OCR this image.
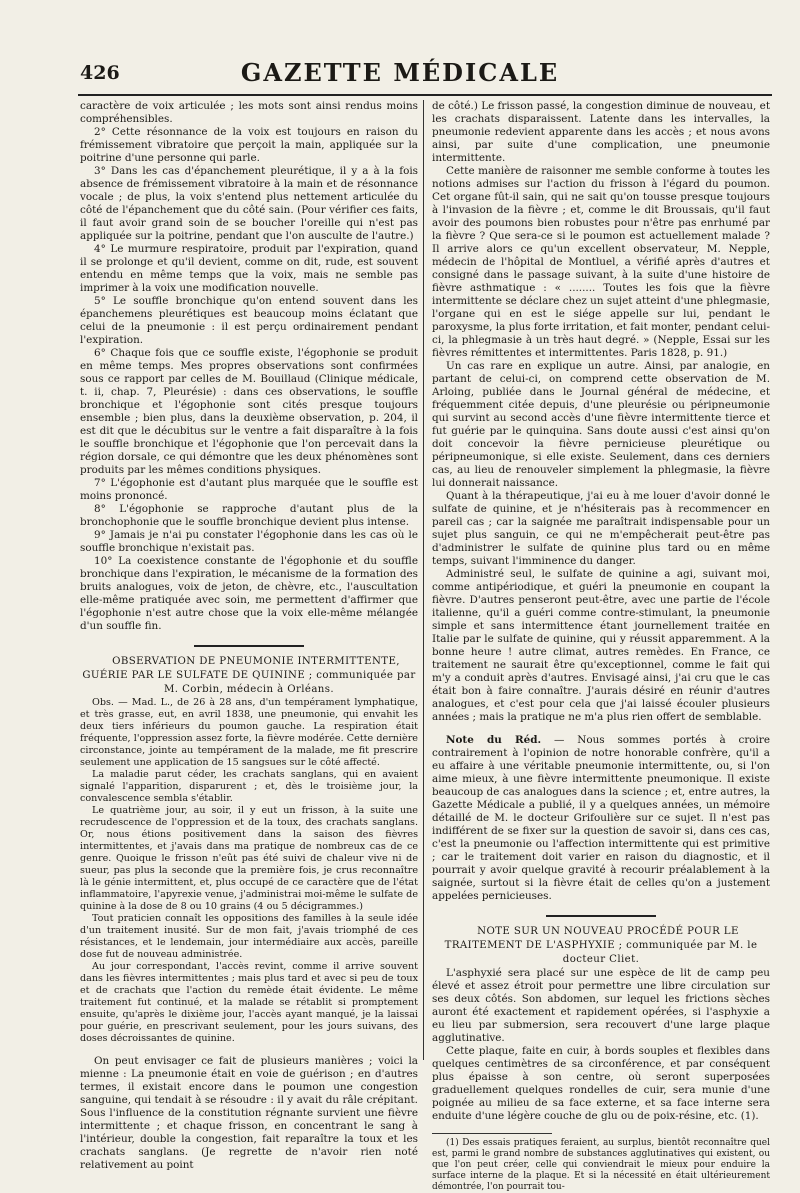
426	GAZETTE MÉDICALE

caractère de voix articulée ; les mots sont ainsi rendus moins compréhensibles.

2° Cette résonnance de la voix est toujours en raison du frémissement vibratoire que perçoit la main, appliquée sur la poitrine d'une personne qui parle.

3° Dans les cas d'épanchement pleurétique, il y a à la fois absence de frémissement vibratoire à la main et de résonnance vocale ; de plus, la voix s'entend plus nettement articulée du côté de l'épanchement que du côté sain. (Pour vérifier ces faits, il faut avoir grand soin de se boucher l'oreille qui n'est pas appliquée sur la poitrine, pendant que l'on ausculte de l'autre.)

4° Le murmure respiratoire, produit par l'expiration, quand il se prolonge et qu'il devient, comme on dit, rude, est souvent entendu en même temps que la voix, mais ne semble pas imprimer à la voix une modification nouvelle.

5° Le souffle bronchique qu'on entend souvent dans les épanchemens pleurétiques est beaucoup moins éclatant que celui de la pneumonie : il est perçu ordinairement pendant l'expiration.

6° Chaque fois que ce souffle existe, l'égophonie se produit en même temps. Mes propres observations sont confirmées sous ce rapport par celles de M. Bouillaud (Clinique médicale, t. ii, chap. 7, Pleurésie) : dans ces observations, le souffle bronchique et l'égophonie sont cités presque toujours ensemble ; bien plus, dans la deuxième observation, p. 204, il est dit que le décubitus sur le ventre a fait disparaître à la fois le souffle bronchique et l'égophonie que l'on percevait dans la région dorsale, ce qui démontre que les deux phénomènes sont produits par les mêmes conditions physiques.

7° L'égophonie est d'autant plus marquée que le souffle est moins prononcé.

8° L'égophonie se rapproche d'autant plus de la bronchophonie que le souffle bronchique devient plus intense.

9° Jamais je n'ai pu constater l'égophonie dans les cas où le souffle bronchique n'existait pas.

10° La coexistence constante de l'égophonie et du souffle bronchique dans l'expiration, le mécanisme de la formation des bruits analogues, voix de jeton, de chèvre, etc., l'auscultation elle-même pratiquée avec soin, me permettent d'affirmer que l'égophonie n'est autre chose que la voix elle-même mélangée d'un souffle fin.

OBSERVATION DE PNEUMONIE INTERMITTENTE, GUÉRIE PAR LE SULFATE DE QUININE ; communiquée par M. Corbin, médecin à Orléans.

Obs. — Mad. L., de 26 à 28 ans, d'un tempérament lymphatique, et très grasse, eut, en avril 1838, une pneumonie, qui envahit les deux tiers inférieurs du poumon gauche. La respiration était fréquente, l'oppression assez forte, la fièvre modérée. Cette dernière circonstance, jointe au tempérament de la malade, me fit prescrire seulement une application de 15 sangsues sur le côté affecté.

La maladie parut céder, les crachats sanglans, qui en avaient signalé l'apparition, disparurent ; et, dès le troisième jour, la convalescence sembla s'établir.

Le quatrième jour, au soir, il y eut un frisson, à la suite une recrudescence de l'oppression et de la toux, des crachats sanglans. Or, nous étions positivement dans la saison des fièvres intermittentes, et j'avais dans ma pratique de nombreux cas de ce genre. Quoique le frisson n'eût pas été suivi de chaleur vive ni de sueur, pas plus la seconde que la première fois, je crus reconnaître là le génie intermittent, et, plus occupé de ce caractère que de l'état inflammatoire, l'apyrexie venue, j'administrai moi-même le sulfate de quinine à la dose de 8 ou 10 grains (4 ou 5 décigrammes.)

Tout praticien connaît les oppositions des familles à la seule idée d'un traitement inusité. Sur de mon fait, j'avais triomphé de ces résistances, et le lendemain, jour intermédiaire aux accès, pareille dose fut de nouveau administrée.

Au jour correspondant, l'accès revint, comme il arrive souvent dans les fièvres intermittentes ; mais plus tard et avec si peu de toux et de crachats que l'action du remède était évidente. Le même traitement fut continué, et la malade se rétablit si promptement ensuite, qu'après le dixième jour, l'accès ayant manqué, je la laissai pour guérie, en prescrivant seulement, pour les jours suivans, des doses décroissantes de quinine.

On peut envisager ce fait de plusieurs manières ; voici la mienne : La pneumonie était en voie de guérison ; en d'autres termes, il existait encore dans le poumon une congestion sanguine, qui tendait à se résoudre : il y avait du râle crépitant. Sous l'influence de la constitution régnante survient une fièvre intermittente ; et chaque frisson, en concentrant le sang à l'intérieur, double la congestion, fait reparaître la toux et les crachats sanglans. (Je regrette de n'avoir rien noté relativement au point

de côté.) Le frisson passé, la congestion diminue de nouveau, et les crachats disparaissent. Latente dans les intervalles, la pneumonie redevient apparente dans les accès ; et nous avons ainsi, par suite d'une complication, une pneumonie intermittente.

Cette manière de raisonner me semble conforme à toutes les notions admises sur l'action du frisson à l'égard du poumon. Cet organe fût-il sain, qui ne sait qu'on tousse presque toujours à l'invasion de la fièvre ; et, comme le dit Broussais, qu'il faut avoir des poumons bien robustes pour n'être pas enrhumé par la fièvre ? Que sera-ce si le poumon est actuellement malade ? Il arrive alors ce qu'un excellent observateur, M. Nepple, médecin de l'hôpital de Montluel, a vérifié après d'autres et consigné dans le passage suivant, à la suite d'une histoire de fièvre asthmatique : « ........ Toutes les fois que la fièvre intermittente se déclare chez un sujet atteint d'une phlegmasie, l'organe qui en est le siége appelle sur lui, pendant le paroxysme, la plus forte irritation, et fait monter, pendant celui-ci, la phlegmasie à un très haut degré. » (Nepple, Essai sur les fièvres rémittentes et intermittentes. Paris 1828, p. 91.)

Un cas rare en explique un autre. Ainsi, par analogie, en partant de celui-ci, on comprend cette observation de M. Arloing, publiée dans le Journal général de médecine, et fréquemment citée depuis, d'une pleurésie ou péripneumonie qui survint au second accès d'une fièvre intermittente tierce et fut guérie par le quinquina. Sans doute aussi c'est ainsi qu'on doit concevoir la fièvre pernicieuse pleurétique ou péripneumonique, si elle existe. Seulement, dans ces derniers cas, au lieu de renouveler simplement la phlegmasie, la fièvre lui donnerait naissance.

Quant à la thérapeutique, j'ai eu à me louer d'avoir donné le sulfate de quinine, et je n'hésiterais pas à recommencer en pareil cas ; car la saignée me paraîtrait indispensable pour un sujet plus sanguin, ce qui ne m'empêcherait peut-être pas d'administrer le sulfate de quinine plus tard ou en même temps, suivant l'imminence du danger.

Administré seul, le sulfate de quinine a agi, suivant moi, comme antipériodique, et guéri la pneumonie en coupant la fièvre. D'autres penseront peut-être, avec une partie de l'école italienne, qu'il a guéri comme contre-stimulant, la pneumonie simple et sans intermittence étant journellement traitée en Italie par le sulfate de quinine, qui y réussit apparemment. A la bonne heure ! autre climat, autres remèdes. En France, ce traitement ne saurait être qu'exceptionnel, comme le fait qui m'y a conduit après d'autres. Envisagé ainsi, j'ai cru que le cas était bon à faire connaître. J'aurais désiré en réunir d'autres analogues, et c'est pour cela que j'ai laissé écouler plusieurs années ; mais la pratique ne m'a plus rien offert de semblable.

Note du Réd. — Nous sommes portés à croire contrairement à l'opinion de notre honorable confrère, qu'il a eu affaire à une véritable pneumonie intermittente, ou, si l'on aime mieux, à une fièvre intermittente pneumonique. Il existe beaucoup de cas analogues dans la science ; et, entre autres, la Gazette Médicale a publié, il y a quelques années, un mémoire détaillé de M. le docteur Grifoulière sur ce sujet. Il n'est pas indifférent de se fixer sur la question de savoir si, dans ces cas, c'est la pneumonie ou l'affection intermittente qui est primitive ; car le traitement doit varier en raison du diagnostic, et il pourrait y avoir quelque gravité à recourir préalablement à la saignée, surtout si la fièvre était de celles qu'on a justement appelées pernicieuses.

NOTE SUR UN NOUVEAU PROCÉDÉ POUR LE TRAITEMENT DE L'ASPHYXIE ; communiquée par M. le docteur Cliet.

L'asphyxié sera placé sur une espèce de lit de camp peu élevé et assez étroit pour permettre une libre circulation sur ses deux côtés. Son abdomen, sur lequel les frictions sèches auront été exactement et rapidement opérées, si l'asphyxie a eu lieu par submersion, sera recouvert d'une large plaque agglutinative.

Cette plaque, faite en cuir, à bords souples et flexibles dans quelques centimètres de sa circonférence, et par conséquent plus épaisse à son centre, où seront superposées graduellement quelques rondelles de cuir, sera munie d'une poignée au milieu de sa face externe, et sa face interne sera enduite d'une légère couche de glu ou de poix-résine, etc. (1).

(1) Des essais pratiques feraient, au surplus, bientôt reconnaître quel est, parmi le grand nombre de substances agglutinatives qui existent, ou que l'on peut créer, celle qui conviendrait le mieux pour enduire la surface interne de la plaque. Et si la nécessité en était ultérieurement démontrée, l'on pourrait tou-
